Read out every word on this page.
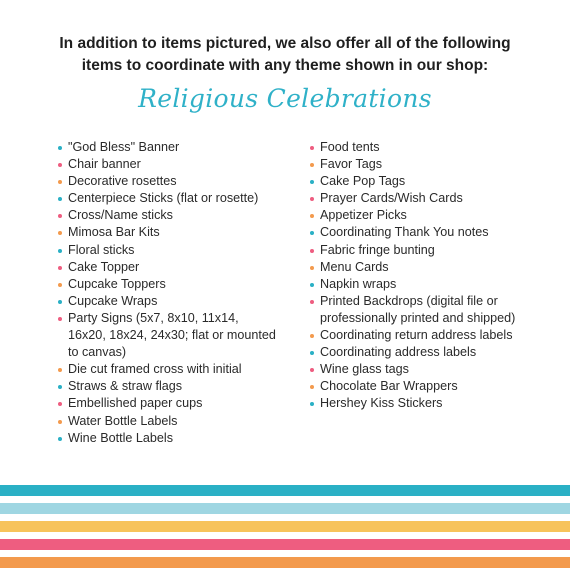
In addition to items pictured, we also offer all of the following
items to coordinate with any theme shown in our shop:
Religious Celebrations
"God Bless" Banner
Chair banner
Decorative rosettes
Centerpiece Sticks (flat or rosette)
Cross/Name sticks
Mimosa Bar Kits
Floral sticks
Cake Topper
Cupcake Toppers
Cupcake Wraps
Party Signs (5x7, 8x10, 11x14,
16x20, 18x24, 24x30; flat or mounted
to canvas)
Die cut framed cross with initial
Straws & straw flags
Embellished paper cups
Water Bottle Labels
Wine Bottle Labels
Food tents
Favor Tags
Cake Pop Tags
Prayer Cards/Wish Cards
Appetizer Picks
Coordinating Thank You notes
Fabric fringe bunting
Menu Cards
Napkin wraps
Printed Backdrops (digital file or
professionally printed and shipped)
Coordinating return address labels
Coordinating address labels
Wine glass tags
Chocolate Bar Wrappers
Hershey Kiss Stickers
